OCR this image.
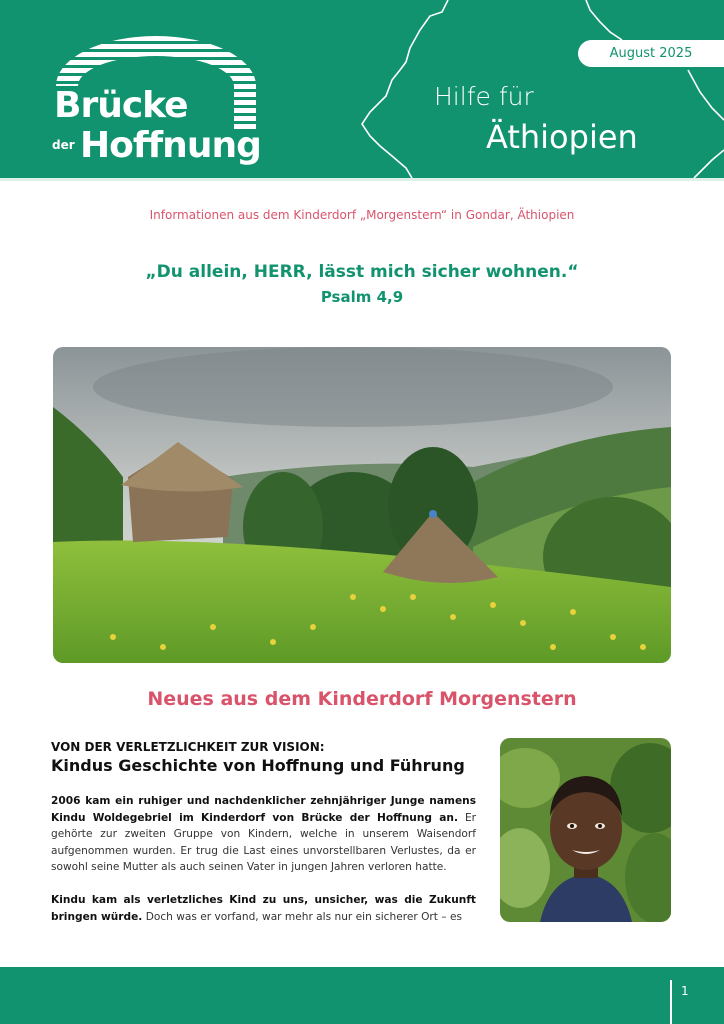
Brücke
der Hoffnung
August 2025
Hilfe für
Äthiopien
Informationen aus dem Kinderdorf „Morgenstern“ in Gondar, Äthiopien
„Du allein, HERR, lässt mich sicher wohnen.“
Psalm 4,9
Neues aus dem Kinderdorf Morgenstern
VON DER VERLETZLICHKEIT ZUR VISION:
Kindus Geschichte von Hoffnung und Führung
2006 kam ein ruhiger und nachdenklicher zehnjähriger Junge namens Kindu Woldegebriel im Kinderdorf von Brücke der Hoffnung an. Er gehörte zur zweiten Gruppe von Kindern, welche in unserem Waisendorf aufgenommen wurden. Er trug die Last eines unvorstellbaren Verlustes, da er sowohl seine Mutter als auch seinen Vater in jungen Jahren verloren hatte.
Kindu kam als verletzliches Kind zu uns, unsicher, was die Zukunft bringen würde. Doch was er vorfand, war mehr als nur ein sicherer Ort – es
1
